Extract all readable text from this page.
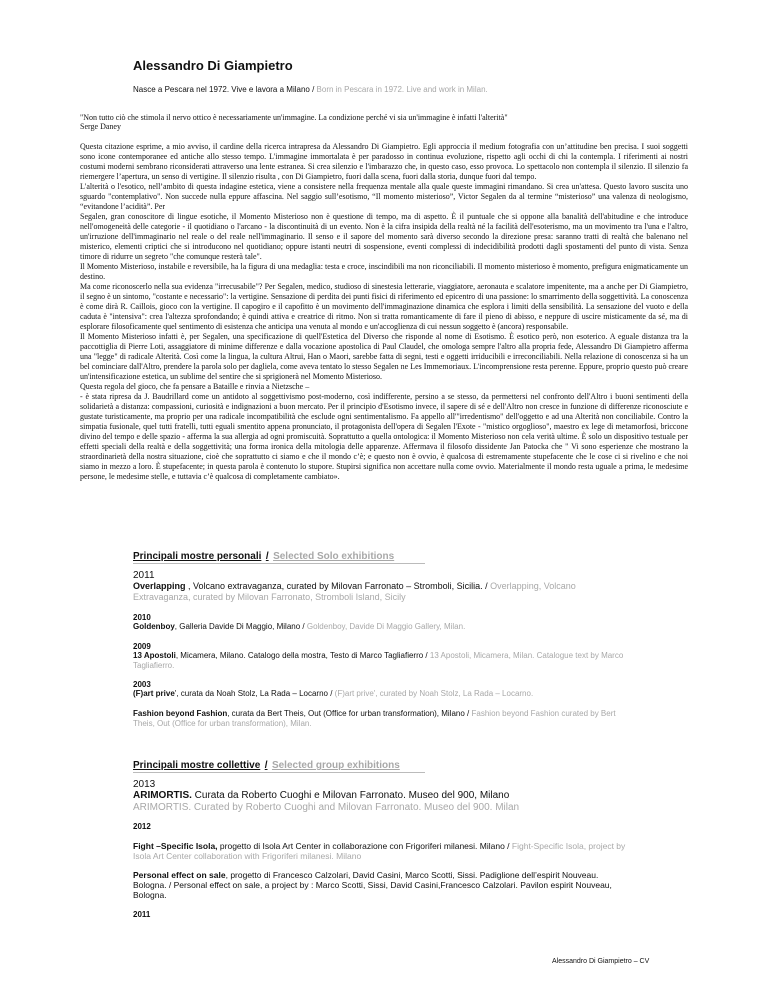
Alessandro Di Giampietro
Nasce a Pescara nel 1972. Vive e lavora a Milano / Born in Pescara in 1972. Live and work in Milan.
"Non tutto ciò che stimola il nervo ottico è necessariamente un'immagine. La condizione perché vi sia un'immagine è infatti l'alterità"
Serge Daney

Questa citazione esprime, a mio avviso, il cardine della ricerca intrapresa da Alessandro Di Giampietro. Egli approccia il medium fotografia con un’attitudine ben precisa. I suoi soggetti sono icone contemporanee ed antiche allo stesso tempo. L'immagine immortalata è per paradosso in continua evoluzione, rispetto agli occhi di chi la contempla. I riferimenti ai nostri costumi moderni sembrano riconsiderati attraverso una lente estranea. Si crea silenzio e l'imbarazzo che, in questo caso, esso provoca. Lo spettacolo non contempla il silenzio. Il silenzio fa riemergere l’apertura, un senso di vertigine. Il silenzio risulta , con Di Giampietro, fuori dalla scena, fuori dalla storia, dunque fuori dal tempo.

L'alterità o l'esotico, nell’ambito di questa indagine estetica, viene a consistere nella frequenza mentale alla quale queste immagini rimandano. Si crea un'attesa. Questo lavoro suscita uno sguardo "contemplativo". Non succede nulla eppure affascina. Nel saggio sull’esotismo, “Il momento misterioso”, Victor Segalen da al termine “misterioso” una valenza di neologismo, “evitandone l’acidità”. Per

Segalen, gran conoscitore di lingue esotiche, il Momento Misterioso non è questione di tempo, ma di aspetto. È il puntuale che si oppone alla banalità dell'abitudine e che introduce nell'omogeneità delle categorie - il quotidiano o l'arcano - la discontinuità di un evento. Non è la cifra insipida della realtà né la facilità dell'esoterismo, ma un movimento tra l'una e l'altro, un'irruzione dell'immaginario nel reale o del reale nell'immaginario. Il senso e il sapore del momento sarà diverso secondo la direzione presa: saranno tratti di realtà che balenano nel misterico, elementi criptici che si introducono nel quotidiano; oppure istanti neutri di sospensione, eventi complessi di indecidibilità prodotti dagli spostamenti del punto di vista. Senza timore di ridurre un segreto "che comunque resterà tale".

Il Momento Misterioso, instabile e reversibile, ha la figura di una medaglia: testa e croce, inscindibili ma non riconciliabili. Il momento misterioso è momento, prefigura enigmaticamente un destino.

Ma come riconoscerlo nella sua evidenza "irrecusabile"? Per Segalen, medico, studioso di sinestesia letterarie, viaggiatore, aeronauta e scalatore impenitente, ma a anche per Di Giampietro, il segno è un sintomo, "costante e necessario": la vertigine. Sensazione di perdita dei punti fisici di riferimento ed epicentro di una passione: lo smarrimento della soggettività. La conoscenza è come dirà R. Caillois, gioco con la vertigine. Il capogiro e il capofitto è un movimento dell'immaginazione dinamica che esplora i limiti della sensibilità. La sensazione del vuoto e della caduta è "intensiva": crea l'altezza sprofondando; è quindi attiva e creatrice di ritmo. Non si tratta romanticamente di fare il pieno di abisso, e neppure di uscire misticamente da sé, ma di esplorare filosoficamente quel sentimento di esistenza che anticipa una venuta al mondo e un'accoglienza di cui nessun soggetto è (ancora) responsabile.

Il Momento Misterioso infatti è, per Segalen, una specificazione di quell'Estetica del Diverso che risponde al nome di Esotismo. È esotico però, non esoterico. A eguale distanza tra la paccottiglia di Pierre Loti, assaggiatore di minime differenze e dalla vocazione apostolica di Paul Claudel, che omologa sempre l'altro alla propria fede, Alessandro Di Giampietro afferma una "legge" di radicale Alterità. Così come la lingua, la cultura Altrui, Han o Maori, sarebbe fatta di segni, testi e oggetti irriducibili e irreconciliabili. Nella relazione di conoscenza si ha un bel cominciare dall'Altro, prendere la parola solo per dagliela, come aveva tentato lo stesso Segalen ne Les Immemoriaux. L'incomprensione resta perenne. Eppure, proprio questo può creare un'intensificazione estetica, un sublime del sentire che si sprigionerà nel Momento Misterioso.

Questa regola del gioco, che fa pensare a Bataille e rinvia a Nietzsche –

- è stata ripresa da J. Baudrillard come un antidoto al soggettivismo post-moderno, così indifferente, persino a se stesso, da permettersi nel confronto dell'Altro i buoni sentimenti della solidarietà a distanza: compassioni, curiosità e indignazioni a buon mercato. Per il principio d'Esotismo invece, il sapere di sé e dell'Altro non cresce in funzione di differenze riconosciute e gustate turisticamente, ma proprio per una radicale incompatibilità che esclude ogni sentimentalismo. Fa appello all'"irredentismo" dell'oggetto e ad una Alterità non conciliabile. Contro la simpatia fusionale, quel tutti fratelli, tutti eguali smentito appena pronunciato, il protagonista dell'opera di Segalen l'Exote - "mistico orgoglioso", maestro ex lege di metamorfosi, briccone divino del tempo e delle spazio - afferma la sua allergia ad ogni promiscuità. Soprattutto a quella ontologica: il Momento Misterioso non cela verità ultime. È solo un dispositivo testuale per effetti speciali della realtà e della soggettività; una forma ironica della mitologia delle apparenze. Affermava il filosofo dissidente Jan Patocka che " Vi sono esperienze che mostrano la straordinarietà della nostra situazione, cioè che soprattutto ci siamo e che il mondo c’è; e questo non è ovvio, è qualcosa di estremamente stupefacente che le cose ci si rivelino e che noi siamo in mezzo a loro. È stupefacente; in questa parola è contenuto lo stupore. Stupirsi significa non accettare nulla come ovvio. Materialmente il mondo resta uguale a prima, le medesime persone, le medesime stelle, e tuttavia c’è qualcosa di completamente cambiato».

Principali mostre personali / Selected Solo exhibitions

2011

Overlapping , Volcano extravaganza, curated by Milovan Farronato – Stromboli, Sicilia. / Overlapping, Volcano Extravaganza, curated by Milovan Farronato, Stromboli Island, Sicily

2010

Goldenboy, Galleria Davide Di Maggio, Milano / Goldenboy, Davide Di Maggio Gallery, Milan.

2009

13 Apostoli, Micamera, Milano. Catalogo della mostra, Testo di Marco Tagliafierro / 13 Apostoli, Micamera, Milan. Catalogue text by Marco Tagliafierro.

2003

(F)art prive', curata da Noah Stolz, La Rada – Locarno / (F)art prive', curated by Noah Stolz, La Rada – Locarno.

Fashion beyond Fashion, curata da Bert Theis, Out (Office for urban transformation), Milano / Fashion beyond Fashion curated by Bert Theis, Out (Office for urban transformation), Milan.

Principali mostre collettive / Selected group exhibitions

2013

ARIMORTIS. Curata da Roberto Cuoghi e Milovan Farronato. Museo del 900, Milano

ARIMORTIS. Curated by Roberto Cuoghi and Milovan Farronato. Museo del 900. Milan

2012

Fight –Specific Isola, progetto di Isola Art Center in collaborazione con Frigoriferi milanesi. Milano / Fight-Specific Isola, project by Isola Art Center collaboration with Frigoriferi milanesi. Milano

Personal effect on sale, progetto di Francesco Calzolari, David Casini, Marco Scotti, Sissi. Padiglione dell’espirit Nouveau. Bologna. / Personal effect on sale, a project by : Marco Scotti, Sissi, David Casini,Francesco Calzolari. Pavilon espirit Nouveau, Bologna.

2011

Alessandro Di Giampietro – CV
